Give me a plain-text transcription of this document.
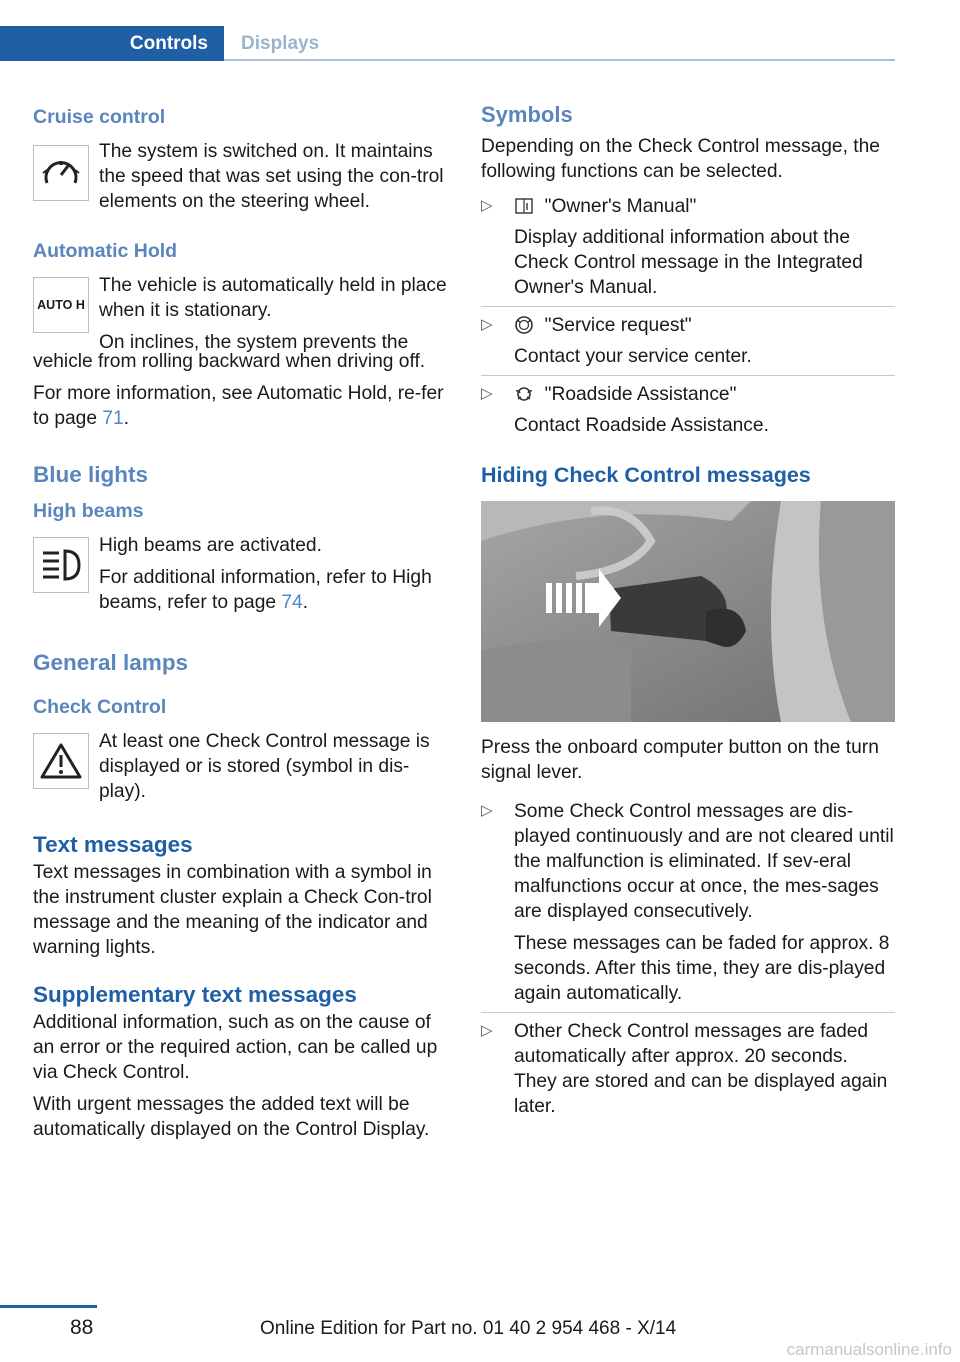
Controls	Displays
Cruise control

The system is switched on. It maintains the speed that was set using the con‐trol elements on the steering wheel.

Automatic Hold
AUTO H

The vehicle is automatically held in place when it is stationary.

On inclines, the system prevents the

vehicle from rolling backward when driving off.

For more information, see Automatic Hold, re‐fer to page 71.

Blue lights
High beams

High beams are activated.

For additional information, refer to High beams, refer to page 74.

General lamps
Check Control

At least one Check Control message is displayed or is stored (symbol in dis‐play).

Text messages

Text messages in combination with a symbol in the instrument cluster explain a Check Con‐trol message and the meaning of the indicator and warning lights.

Supplementary text messages

Additional information, such as on the cause of an error or the required action, can be called up via Check Control.

With urgent messages the added text will be automatically displayed on the Control Display.

Symbols

Depending on the Check Control message, the following functions can be selected.

▷	"Owner's Manual"

Display additional information about the Check Control message in the Integrated Owner's Manual.

▷	"Service request"

Contact your service center.

▷	"Roadside Assistance"

Contact Roadside Assistance.

Hiding Check Control messages

Press the onboard computer button on the turn signal lever.

▷ Some Check Control messages are dis‐played continuously and are not cleared until the malfunction is eliminated. If sev‐eral malfunctions occur at once, the mes‐sages are displayed consecutively.

These messages can be faded for approx. 8 seconds. After this time, they are dis‐played again automatically.

▷ Other Check Control messages are faded automatically after approx. 20 seconds. They are stored and can be displayed again later.

88	Online Edition for Part no. 01 40 2 954 468 - X/14
carmanualsonline.info
